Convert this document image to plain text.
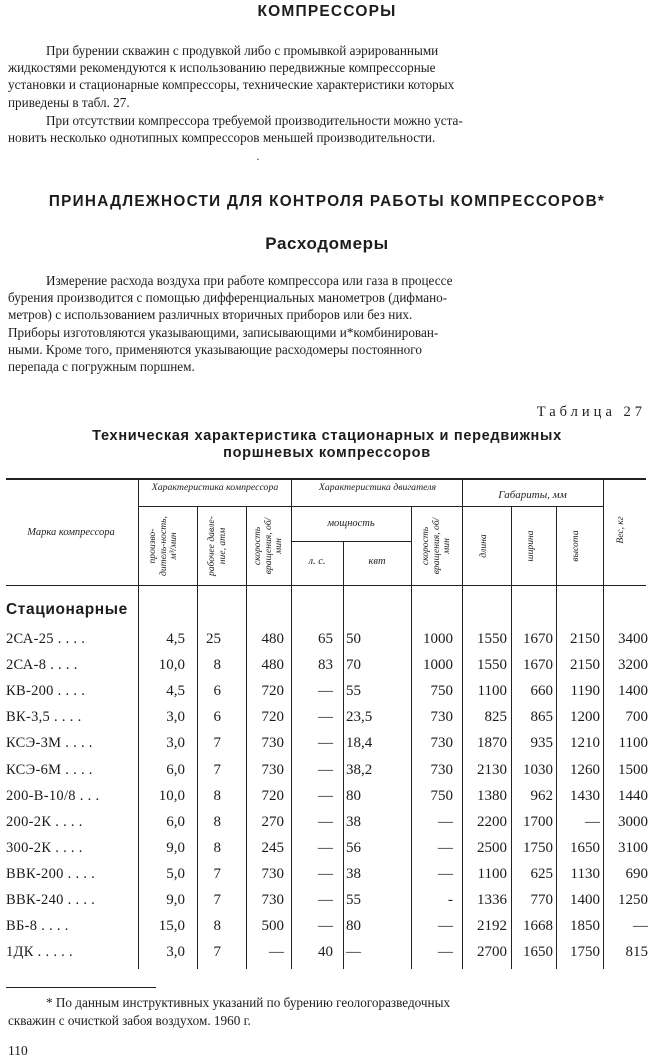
КОМПРЕССОРЫ
При бурении скважин с продувкой либо с промывкой аэрированными
жидкостями рекомендуются к использованию передвижные компрессорные
установки и стационарные компрессоры, технические характеристики которых
приведены в табл. 27.
При отсутствии компрессора требуемой производительности можно уста-
новить несколько однотипных компрессоров меньшей производительности.
·
ПРИНАДЛЕЖНОСТИ ДЛЯ КОНТРОЛЯ РАБОТЫ КОМПРЕССОРОВ*
Расходомеры
Измерение расхода воздуха при работе компрессора или газа в процессе
бурения производится с помощью дифференциальных манометров (дифмано-
метров) с использованием различных вторичных приборов или без них.
Приборы изготовляются указывающими, записывающими и*комбинирован-
ными. Кроме того, применяются указывающие расходомеры постоянного
перепада с погружным поршнем.
Таблица 27
Техническая характеристика стационарных и передвижных
поршневых компрессоров
Марка компрессора
Характеристика компрессора	Характеристика двигателя
Габариты, мм
мощность
л. с.	квт
произво-дитель-ность, м³/мин	рабочее давле-ние, атм	скорость вращения, об/мин	скорость вращения, об/мин	длина	ширина	высота
Вес, кг
Стационарные
2СА-25 . . . .	4,5	25	480	65 50	1000	1550	1670	2150	3400
2СА-8 . . . .	10,0	8	480	83 70	1000	1550	1670	2150	3200
КВ-200 . . . .	4,5	6	720	— 55	750	1100	660	1190	1400
ВК-3,5 . . . .	3,0	6	720	— 23,5	730	825	865	1200	700
КСЭ-3М . . . .	3,0	7	730	— 18,4	730	1870	935	1210	1100
КСЭ-6М . . . .	6,0	7	730	— 38,2	730	2130	1030	1260	1500
200-В-10/8 . . .	10,0	8	720	— 80	750	1380	962	1430	1440
200-2К . . . .	6,0	8	270	— 38	—	2200	1700	—	3000
300-2К . . . .	9,0	8	245	— 56	—	2500	1750	1650	3100
ВВК-200 . . . .	5,0	7	730	— 38	—	1100	625	1130	690
ВВК-240 . . . .	9,0	7	730	— 55	-	1336	770	1400	1250
ВБ-8 . . . .	15,0	8	500	— 80	—	2192	1668	1850	—
1ДК . . . . .	3,0	7	—	40 —	—	2700	1650	1750	815
* По данным инструктивных указаний по бурению геологоразведочных
скважин с очисткой забоя воздухом. 1960 г.
110
